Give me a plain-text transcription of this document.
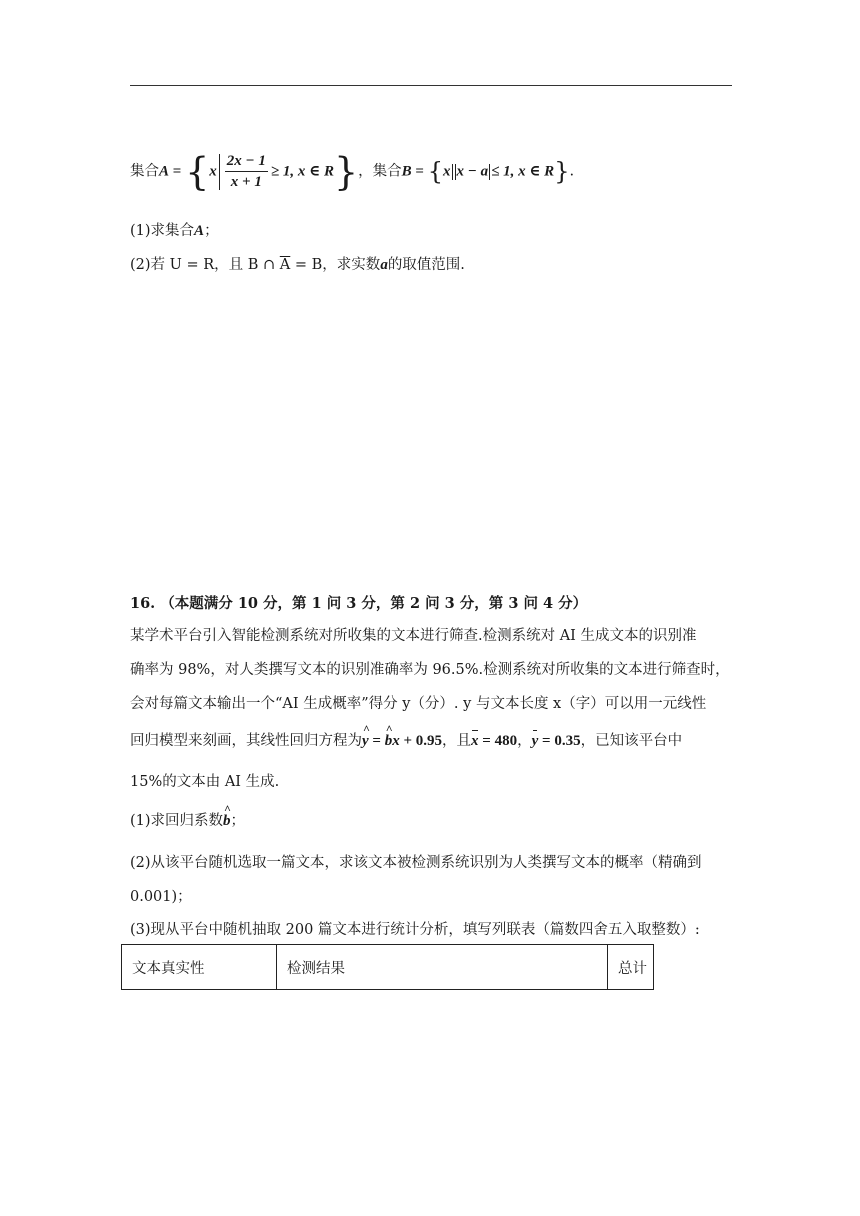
集合$A = \{x \frac{2x - 1}{x + 1} \ge 1$, x ∈ R}，集合B = {x x − a ≤ 1, x ∈ R}.
(1)求集合A；
(2)若 U = R，且 B ∩ $\overline{A} = B$，求实数a的取值范围.
16. （本题满分 10 分，第 1 问 3 分，第 2 问 3 分，第 3 问 4 分）
某学术平台引入智能检测系统对所收集的文本进行筛查.检测系统对 AI 生成文本的识别准
确率为 98%，对人类撰写文本的识别准确率为 96.5%.检测系统对所收集的文本进行筛查时，
会对每篇文本输出一个“AI 生成概率”得分 y（分）. y 与文本长度 x（字）可以用一元线性
回归模型来刻画，其线性回归方程为^ y = ^ bx + 0.95，且x = 480，y = 0.35，已知该平台中
15%的文本由 AI 生成.
(1)求回归系数^ b；
(2)从该平台随机选取一篇文本，求该文本被检测系统识别为人类撰写文本的概率（精确到
0.001)；
(3)现从平台中随机抽取 200 篇文本进行统计分析，填写列联表（篇数四舍五入取整数）:
文本真实性	检测结果	总计
